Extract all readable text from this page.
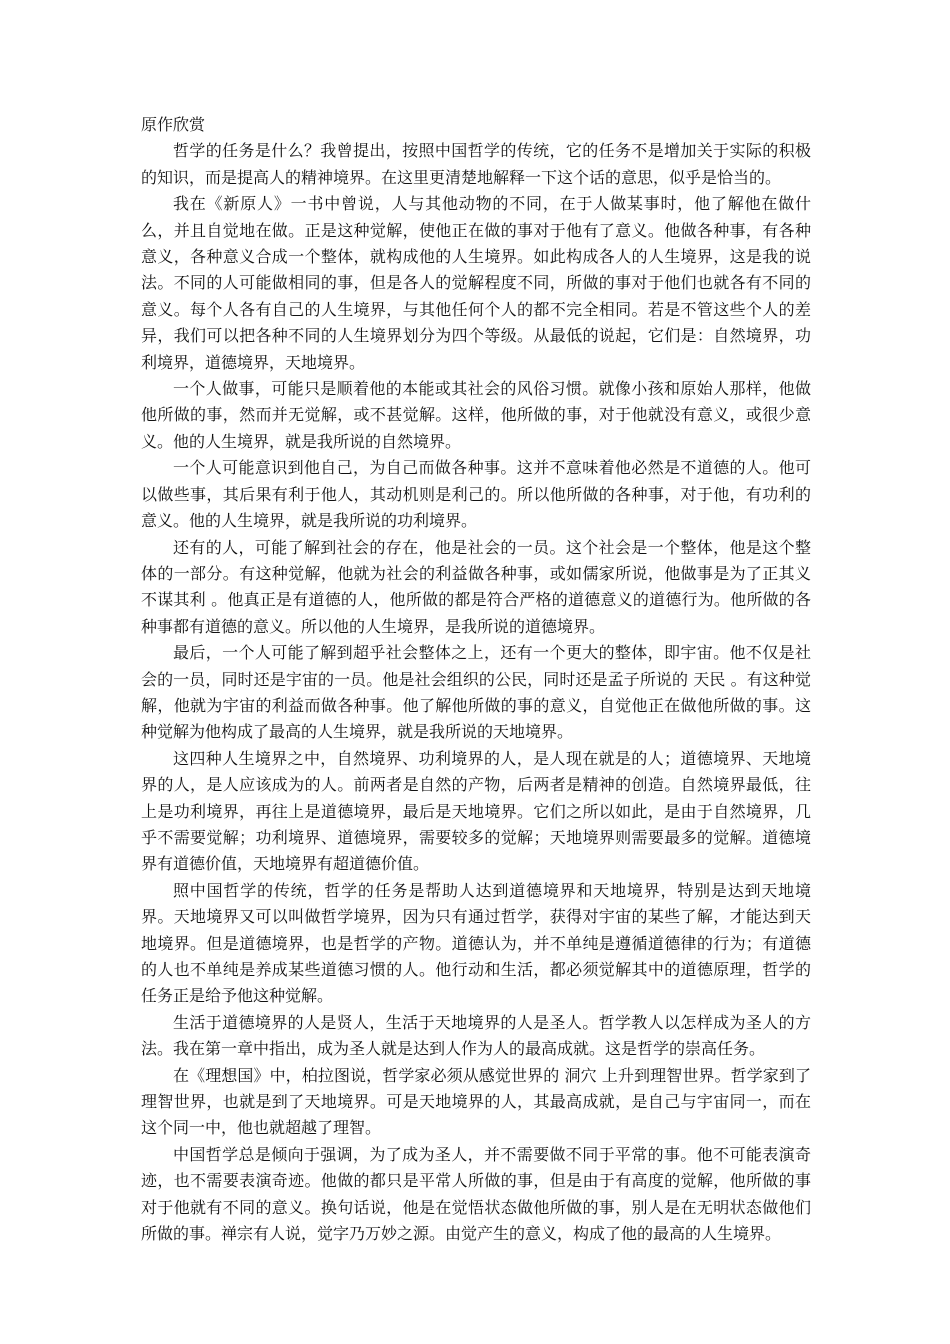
原作欣赏

哲学的任务是什么？我曾提出，按照中国哲学的传统，它的任务不是增加关于实际的积极的知识，而是提高人的精神境界。在这里更清楚地解释一下这个话的意思，似乎是恰当的。

我在《新原人》一书中曾说，人与其他动物的不同，在于人做某事时，他了解他在做什么，并且自觉地在做。正是这种觉解，使他正在做的事对于他有了意义。他做各种事，有各种意义，各种意义合成一个整体，就构成他的人生境界。如此构成各人的人生境界，这是我的说法。不同的人可能做相同的事，但是各人的觉解程度不同，所做的事对于他们也就各有不同的意义。每个人各有自己的人生境界，与其他任何个人的都不完全相同。若是不管这些个人的差异，我们可以把各种不同的人生境界划分为四个等级。从最低的说起，它们是：自然境界，功利境界，道德境界，天地境界。

一个人做事，可能只是顺着他的本能或其社会的风俗习惯。就像小孩和原始人那样，他做他所做的事，然而并无觉解，或不甚觉解。这样，他所做的事，对于他就没有意义，或很少意义。他的人生境界，就是我所说的自然境界。

一个人可能意识到他自己，为自己而做各种事。这并不意味着他必然是不道德的人。他可以做些事，其后果有利于他人，其动机则是利己的。所以他所做的各种事，对于他，有功利的意义。他的人生境界，就是我所说的功利境界。

还有的人，可能了解到社会的存在，他是社会的一员。这个社会是一个整体，他是这个整体的一部分。有这种觉解，他就为社会的利益做各种事，或如儒家所说，他做事是为了正其义不谋其利 。他真正是有道德的人，他所做的都是符合严格的道德意义的道德行为。他所做的各种事都有道德的意义。所以他的人生境界，是我所说的道德境界。

最后，一个人可能了解到超乎社会整体之上，还有一个更大的整体，即宇宙。他不仅是社会的一员，同时还是宇宙的一员。他是社会组织的公民，同时还是孟子所说的 天民 。有这种觉解，他就为宇宙的利益而做各种事。他了解他所做的事的意义，自觉他正在做他所做的事。这种觉解为他构成了最高的人生境界，就是我所说的天地境界。

这四种人生境界之中，自然境界、功利境界的人，是人现在就是的人；道德境界、天地境界的人，是人应该成为的人。前两者是自然的产物，后两者是精神的创造。自然境界最低，往上是功利境界，再往上是道德境界，最后是天地境界。它们之所以如此，是由于自然境界，几乎不需要觉解；功利境界、道德境界，需要较多的觉解；天地境界则需要最多的觉解。道德境界有道德价值，天地境界有超道德价值。

照中国哲学的传统，哲学的任务是帮助人达到道德境界和天地境界，特别是达到天地境界。天地境界又可以叫做哲学境界，因为只有通过哲学，获得对宇宙的某些了解，才能达到天地境界。但是道德境界，也是哲学的产物。道德认为，并不单纯是遵循道德律的行为；有道德的人也不单纯是养成某些道德习惯的人。他行动和生活，都必须觉解其中的道德原理，哲学的任务正是给予他这种觉解。

生活于道德境界的人是贤人，生活于天地境界的人是圣人。哲学教人以怎样成为圣人的方法。我在第一章中指出，成为圣人就是达到人作为人的最高成就。这是哲学的崇高任务。

在《理想国》中，柏拉图说，哲学家必须从感觉世界的 洞穴 上升到理智世界。哲学家到了理智世界，也就是到了天地境界。可是天地境界的人，其最高成就，是自己与宇宙同一，而在这个同一中，他也就超越了理智。

中国哲学总是倾向于强调，为了成为圣人，并不需要做不同于平常的事。他不可能表演奇迹，也不需要表演奇迹。他做的都只是平常人所做的事，但是由于有高度的觉解，他所做的事对于他就有不同的意义。换句话说，他是在觉悟状态做他所做的事，别人是在无明状态做他们所做的事。禅宗有人说，觉字乃万妙之源。由觉产生的意义，构成了他的最高的人生境界。
